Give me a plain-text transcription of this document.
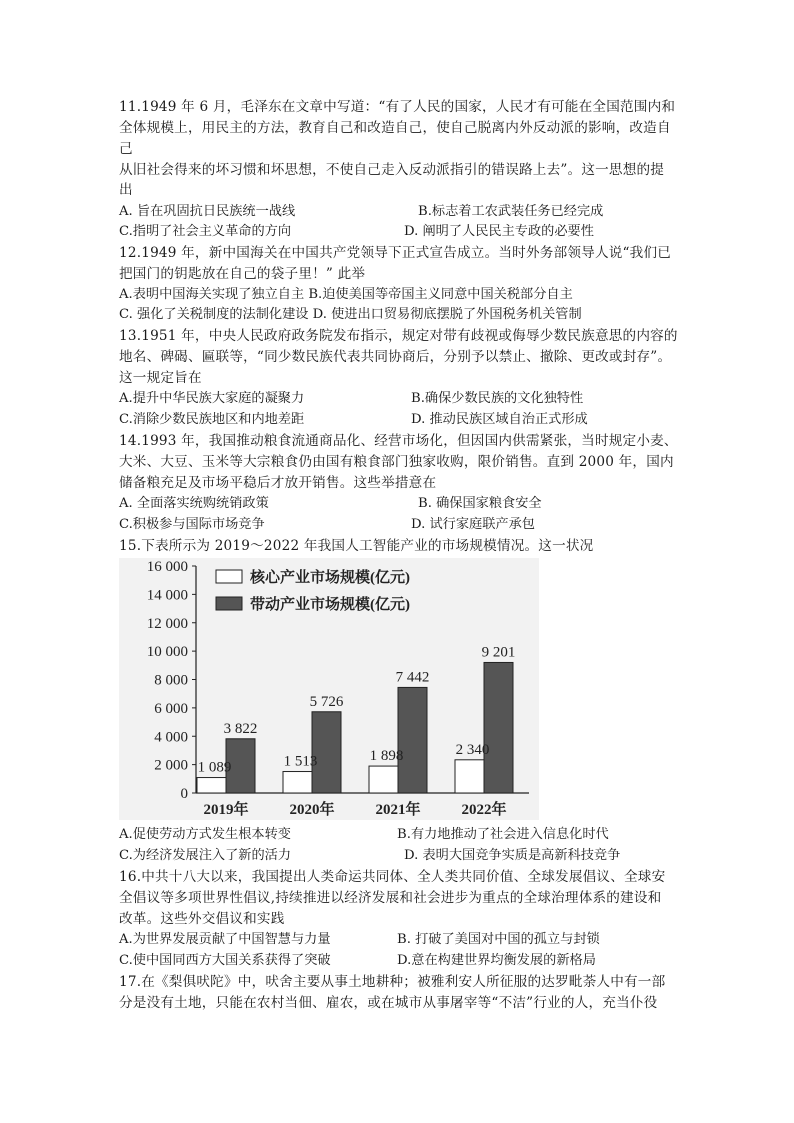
11.1949 年 6 月，毛泽东在文章中写道：“有了人民的国家，人民才有可能在全国范围内和
全体规模上，用民主的方法，教育自己和改造自己，使自己脱离内外反动派的影响，改造自
己
从旧社会得来的坏习惯和坏思想，不使自己走入反动派指引的错误路上去”。这一思想的提
出
A. 旨在巩固抗日民族统一战线	B.标志着工农武装任务已经完成
C.指明了社会主义革命的方向	D. 阐明了人民民主专政的必要性
12.1949 年，新中国海关在中国共产党领导下正式宣告成立。当时外务部领导人说“我们已
把国门的钥匙放在自己的袋子里！” 此举
A.表明中国海关实现了独立自主 B.迫使美国等帝国主义同意中国关税部分自主
C. 强化了关税制度的法制化建设 D. 使进出口贸易彻底摆脱了外国税务机关管制
13.1951 年，中央人民政府政务院发布指示，规定对带有歧视或侮辱少数民族意思的内容的
地名、碑碣、匾联等，“同少数民族代表共同协商后，分别予以禁止、撤除、更改或封存”。
这一规定旨在
A.提升中华民族大家庭的凝聚力	B.确保少数民族的文化独特性
C.消除少数民族地区和内地差距	D. 推动民族区域自治正式形成
14.1993 年，我国推动粮食流通商品化、经营市场化，但因国内供需紧张，当时规定小麦、
大米、大豆、玉米等大宗粮食仍由国有粮食部门独家收购，限价销售。直到 2000 年，国内
储备粮充足及市场平稳后才放开销售。这些举措意在
A. 全面落实统购统销政策	B. 确保国家粮食安全
C.积极参与国际市场竞争	D. 试行家庭联产承包
15.下表所示为 2019～2022 年我国人工智能产业的市场规模情况。这一状况
0
2 000
4 000
6 000
8 000
10 000
12 000
14 000
16 000
2019年	2020年	2021年	2022年
1 089
3 822
1 513
5 726
1 898
7 442
2 340
9 201
核心产业市场规模(亿元)
带动产业市场规模(亿元)
A.促使劳动方式发生根本转变	B.有力地推动了社会进入信息化时代
C.为经济发展注入了新的活力	D. 表明大国竞争实质是高新科技竞争
16.中共十八大以来，我国提出人类命运共同体、全人类共同价值、全球发展倡议、全球安
全倡议等多项世界性倡议,持续推进以经济发展和社会进步为重点的全球治理体系的建设和
改革。这些外交倡议和实践
A.为世界发展贡献了中国智慧与力量	B. 打破了美国对中国的孤立与封锁
C.使中国同西方大国关系获得了突破	D.意在构建世界均衡发展的新格局
17.在《梨俱吠陀》中，吠舍主要从事土地耕种；被雅利安人所征服的达罗毗荼人中有一部
分是没有土地，只能在农村当佃、雇农，或在城市从事屠宰等“不洁”行业的人，充当仆役
